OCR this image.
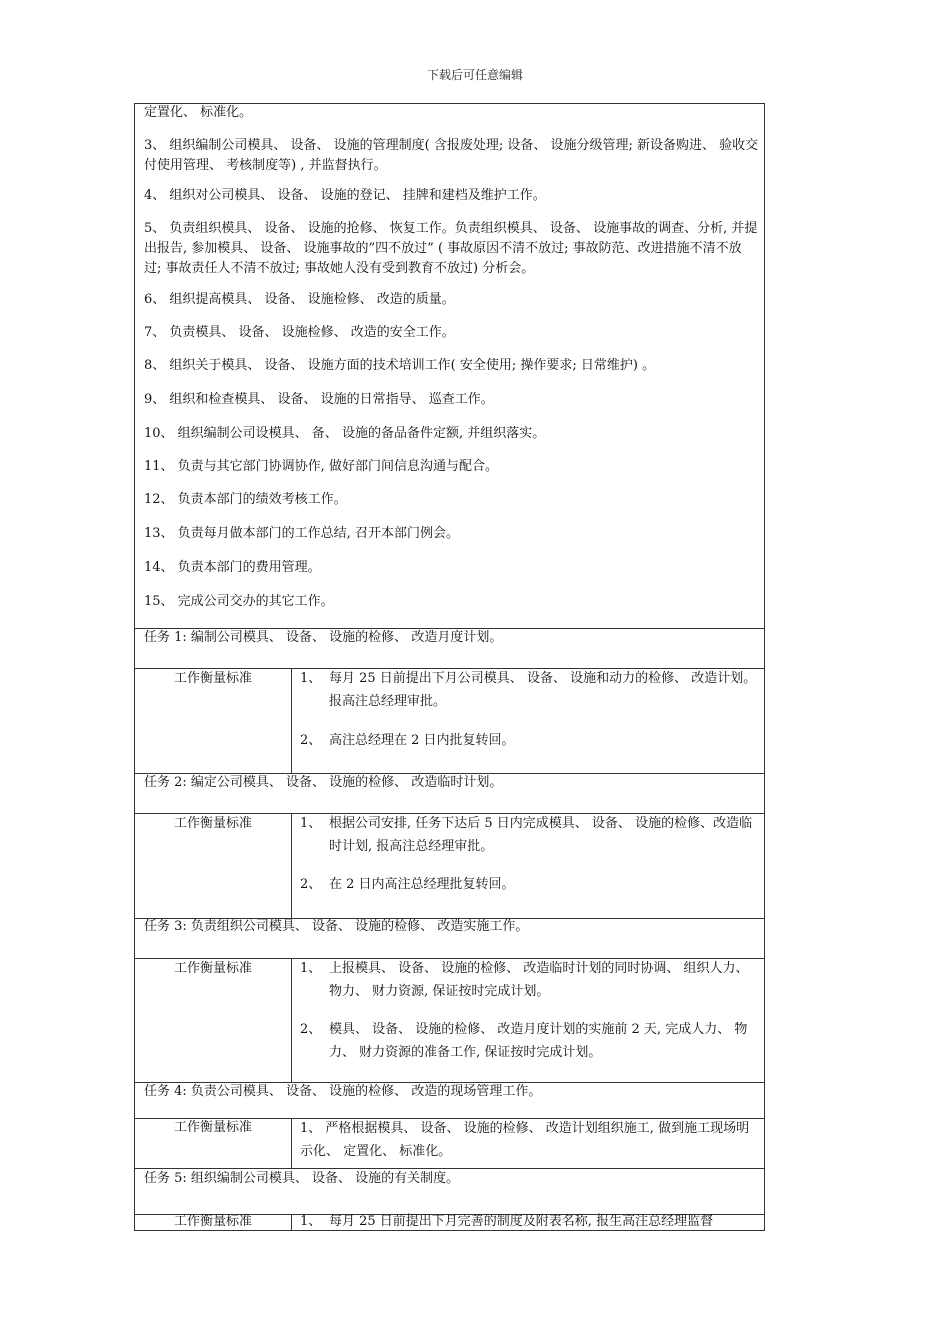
下载后可任意编辑
定置化、 标准化。
3、 组织编制公司模具、 设备、 设施的管理制度( 含报废处理; 设备、 设施分级管理; 新设备购进、 验收交付使用管理、 考核制度等) , 并监督执行。
4、 组织对公司模具、 设备、 设施的登记、 挂牌和建档及维护工作。
5、 负责组织模具、 设备、 设施的抢修、 恢复工作。负责组织模具、 设备、 设施事故的调查、分析, 并提出报告, 参加模具、 设备、 设施事故的”四不放过” ( 事故原因不清不放过; 事故防范、改进措施不清不放过; 事故责任人不清不放过; 事故她人没有受到教育不放过) 分析会。
6、 组织提高模具、 设备、 设施检修、 改造的质量。
7、 负责模具、 设备、 设施检修、 改造的安全工作。
8、 组织关于模具、 设备、 设施方面的技术培训工作( 安全使用; 操作要求; 日常维护) 。
9、 组织和检查模具、 设备、 设施的日常指导、 巡查工作。
10、 组织编制公司设模具、 备、 设施的备品备件定额, 并组织落实。
11、 负责与其它部门协调协作, 做好部门间信息沟通与配合。
12、 负责本部门的绩效考核工作。
13、 负责每月做本部门的工作总结, 召开本部门例会。
14、 负责本部门的费用管理。
15、 完成公司交办的其它工作。
任务 1: 编制公司模具、 设备、 设施的检修、 改造月度计划。
工作衡量标准	1、 每月 25 日前提出下月公司模具、 设备、 设施和动力的检修、 改造计划。报高注总经理审批。
2、 高注总经理在 2 日内批复转回。
任务 2: 编定公司模具、 设备、 设施的检修、 改造临时计划。
工作衡量标准	1、 根据公司安排, 任务下达后 5 日内完成模具、 设备、 设施的检修、改造临时计划, 报高注总经理审批。
2、 在 2 日内高注总经理批复转回。
任务 3: 负责组织公司模具、 设备、 设施的检修、 改造实施工作。
工作衡量标准	1、 上报模具、 设备、 设施的检修、 改造临时计划的同时协调、 组织人力、 物力、 财力资源, 保证按时完成计划。
2、 模具、 设备、 设施的检修、 改造月度计划的实施前 2 天, 完成人力、 物力、 财力资源的准备工作, 保证按时完成计划。
任务 4: 负责公司模具、 设备、 设施的检修、 改造的现场管理工作。
工作衡量标准	1、 严格根据模具、 设备、 设施的检修、 改造计划组织施工, 做到施工现场明示化、 定置化、 标准化。
任务 5: 组织编制公司模具、 设备、 设施的有关制度。
工作衡量标准	1、 每月 25 日前提出下月完善的制度及附表名称, 报生高注总经理监督
